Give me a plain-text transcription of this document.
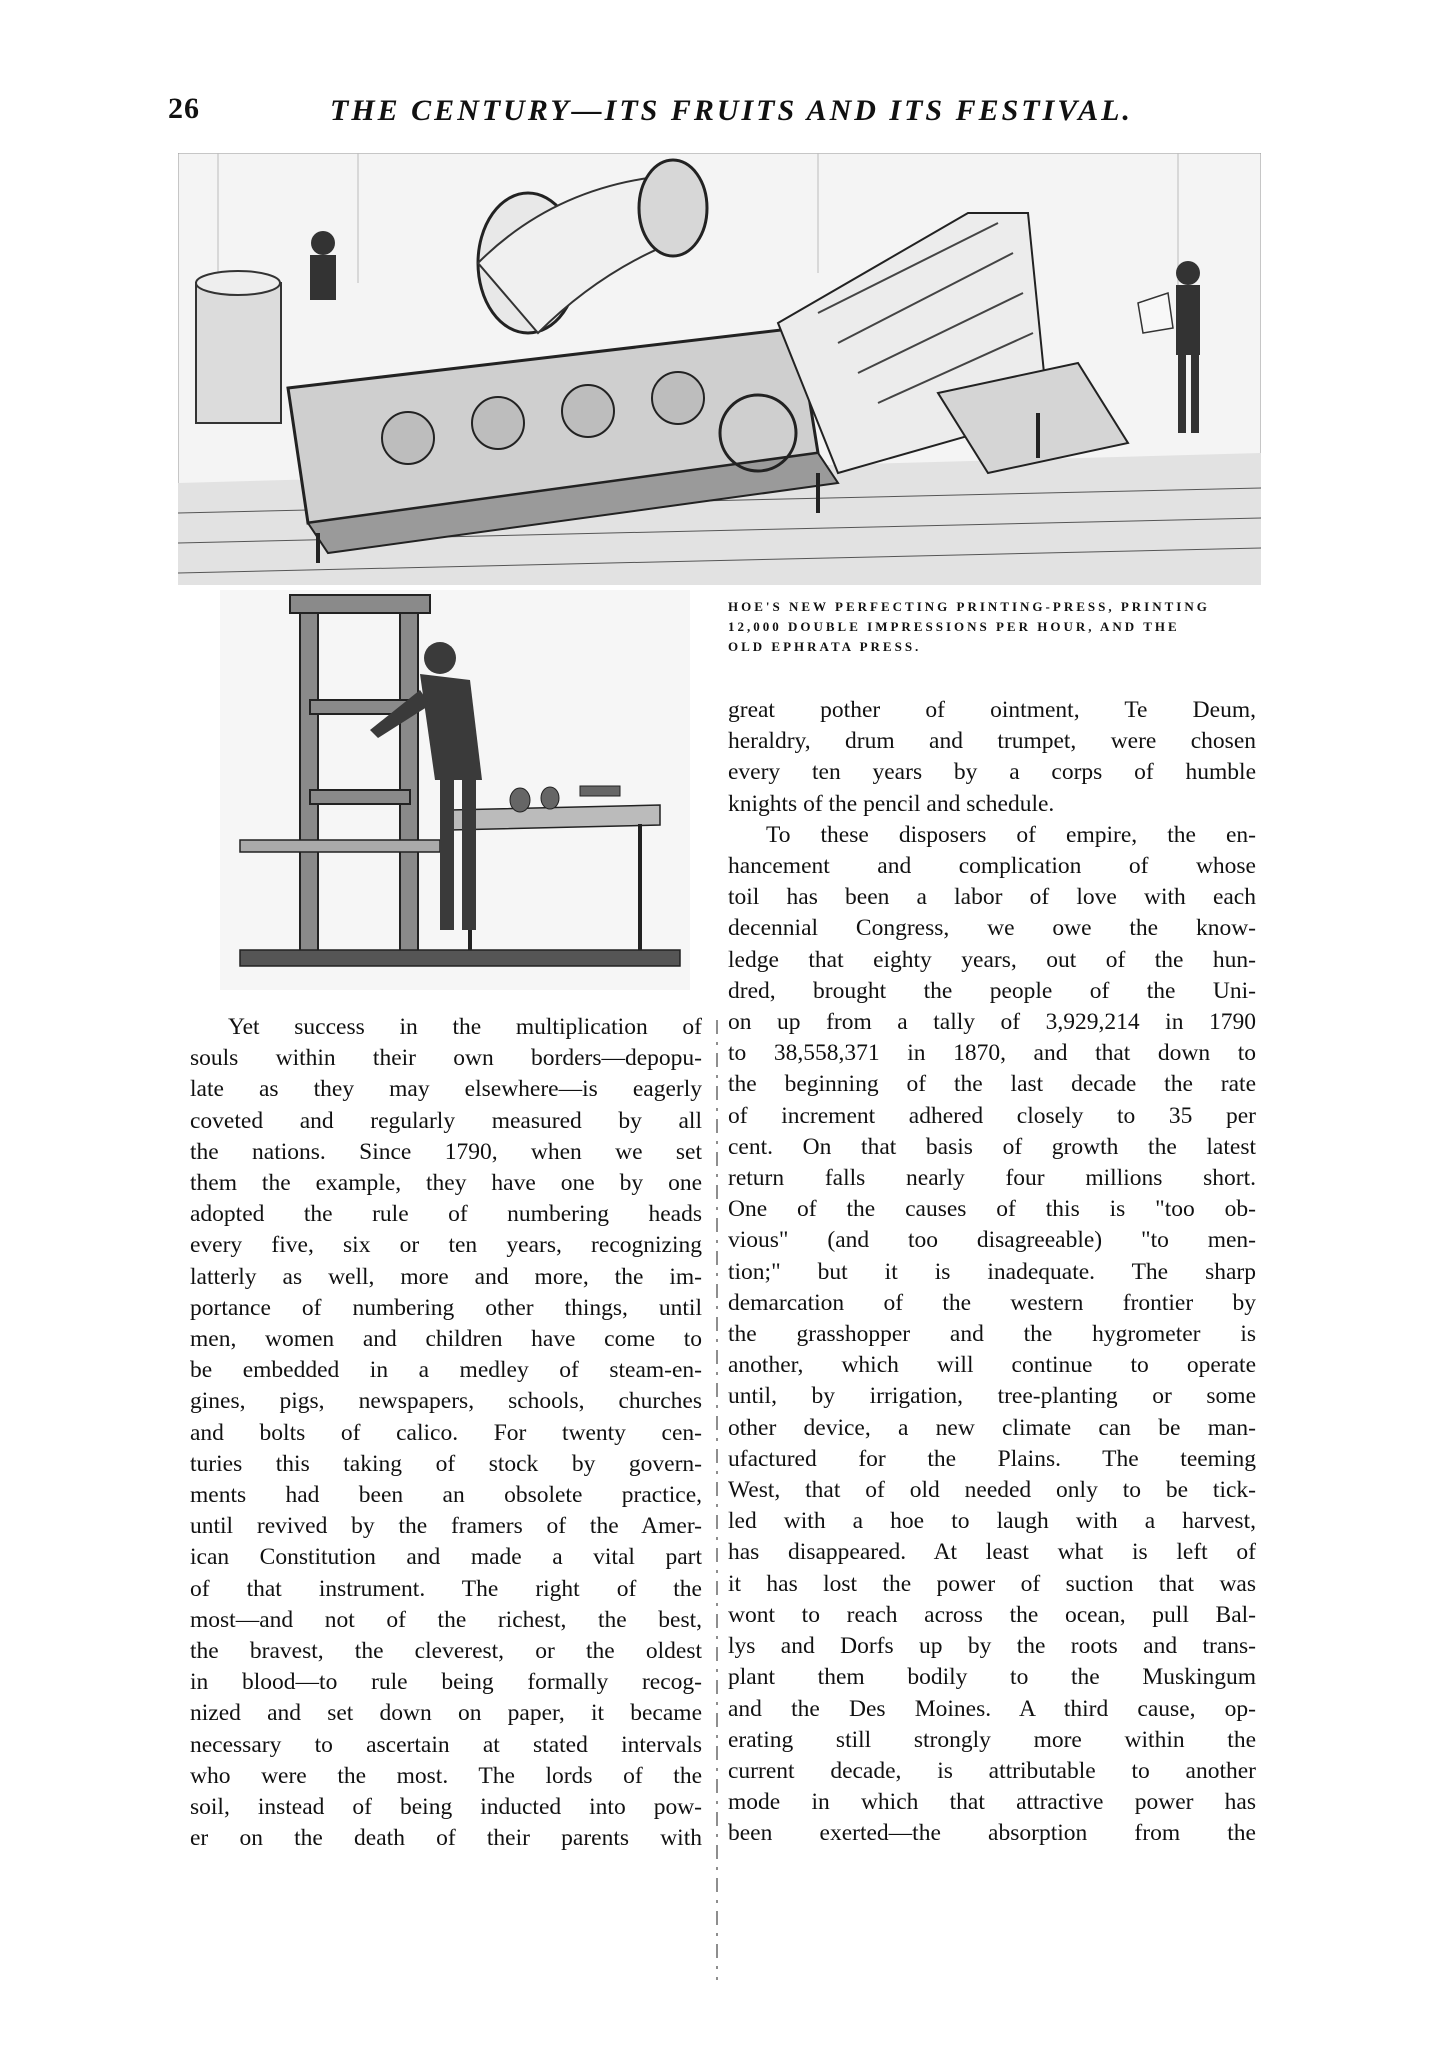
26	THE CENTURY—ITS FRUITS AND ITS FESTIVAL.
HOE'S NEW PERFECTING PRINTING-PRESS, PRINTING
12,000 DOUBLE IMPRESSIONS PER HOUR, AND THE
OLD EPHRATA PRESS.
Yet success in the multiplication of
souls within their own borders—depopu-
late as they may elsewhere—is eagerly
coveted and regularly measured by all
the nations. Since 1790, when we set
them the example, they have one by one
adopted the rule of numbering heads
every five, six or ten years, recognizing
latterly as well, more and more, the im-
portance of numbering other things, until
men, women and children have come to
be embedded in a medley of steam-en-
gines, pigs, newspapers, schools, churches
and bolts of calico. For twenty cen-
turies this taking of stock by govern-
ments had been an obsolete practice,
until revived by the framers of the Amer-
ican Constitution and made a vital part
of that instrument. The right of the
most—and not of the richest, the best,
the bravest, the cleverest, or the oldest
in blood—to rule being formally recog-
nized and set down on paper, it became
necessary to ascertain at stated intervals
who were the most. The lords of the
soil, instead of being inducted into pow-
er on the death of their parents with
great pother of ointment, Te Deum,
heraldry, drum and trumpet, were chosen
every ten years by a corps of humble
knights of the pencil and schedule.
To these disposers of empire, the en-
hancement and complication of whose
toil has been a labor of love with each
decennial Congress, we owe the know-
ledge that eighty years, out of the hun-
dred, brought the people of the Uni-
on up from a tally of 3,929,214 in 1790
to 38,558,371 in 1870, and that down to
the beginning of the last decade the rate
of increment adhered closely to 35 per
cent. On that basis of growth the latest
return falls nearly four millions short.
One of the causes of this is "too ob-
vious" (and too disagreeable) "to men-
tion;" but it is inadequate. The sharp
demarcation of the western frontier by
the grasshopper and the hygrometer is
another, which will continue to operate
until, by irrigation, tree-planting or some
other device, a new climate can be man-
ufactured for the Plains. The teeming
West, that of old needed only to be tick-
led with a hoe to laugh with a harvest,
has disappeared. At least what is left of
it has lost the power of suction that was
wont to reach across the ocean, pull Bal-
lys and Dorfs up by the roots and trans-
plant them bodily to the Muskingum
and the Des Moines. A third cause, op-
erating still strongly more within the
current decade, is attributable to another
mode in which that attractive power has
been exerted—the absorption from the
